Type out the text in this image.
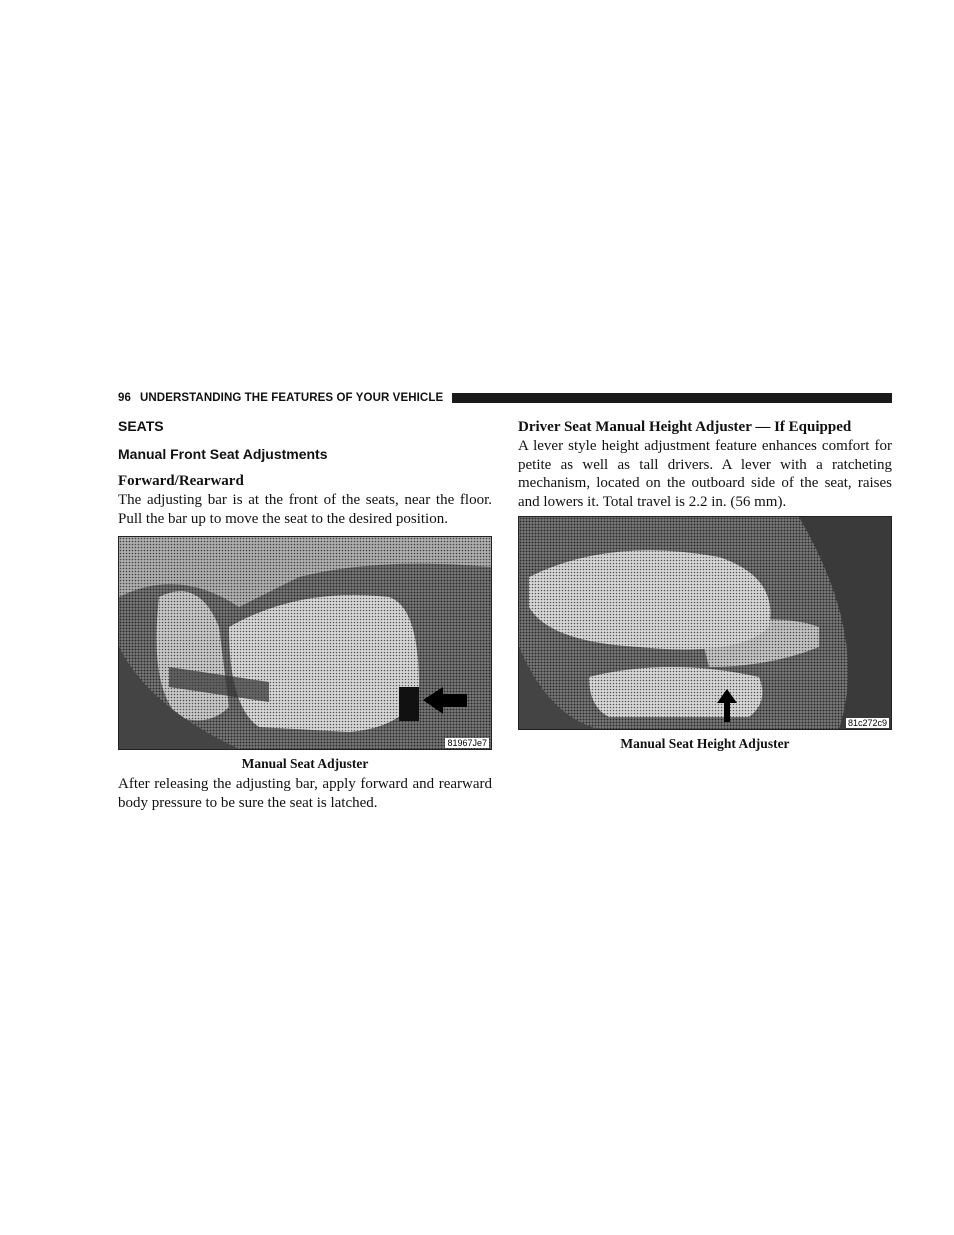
96 UNDERSTANDING THE FEATURES OF YOUR VEHICLE
SEATS
Manual Front Seat Adjustments
Forward/Rearward

The adjusting bar is at the front of the seats, near the floor. Pull the bar up to move the seat to the desired position.

81967Je7

Manual Seat Adjuster

After releasing the adjusting bar, apply forward and rearward body pressure to be sure the seat is latched.

Driver Seat Manual Height Adjuster — If Equipped

A lever style height adjustment feature enhances comfort for petite as well as tall drivers. A lever with a ratcheting mechanism, located on the outboard side of the seat, raises and lowers it. Total travel is 2.2 in. (56 mm).

81c272c9

Manual Seat Height Adjuster
